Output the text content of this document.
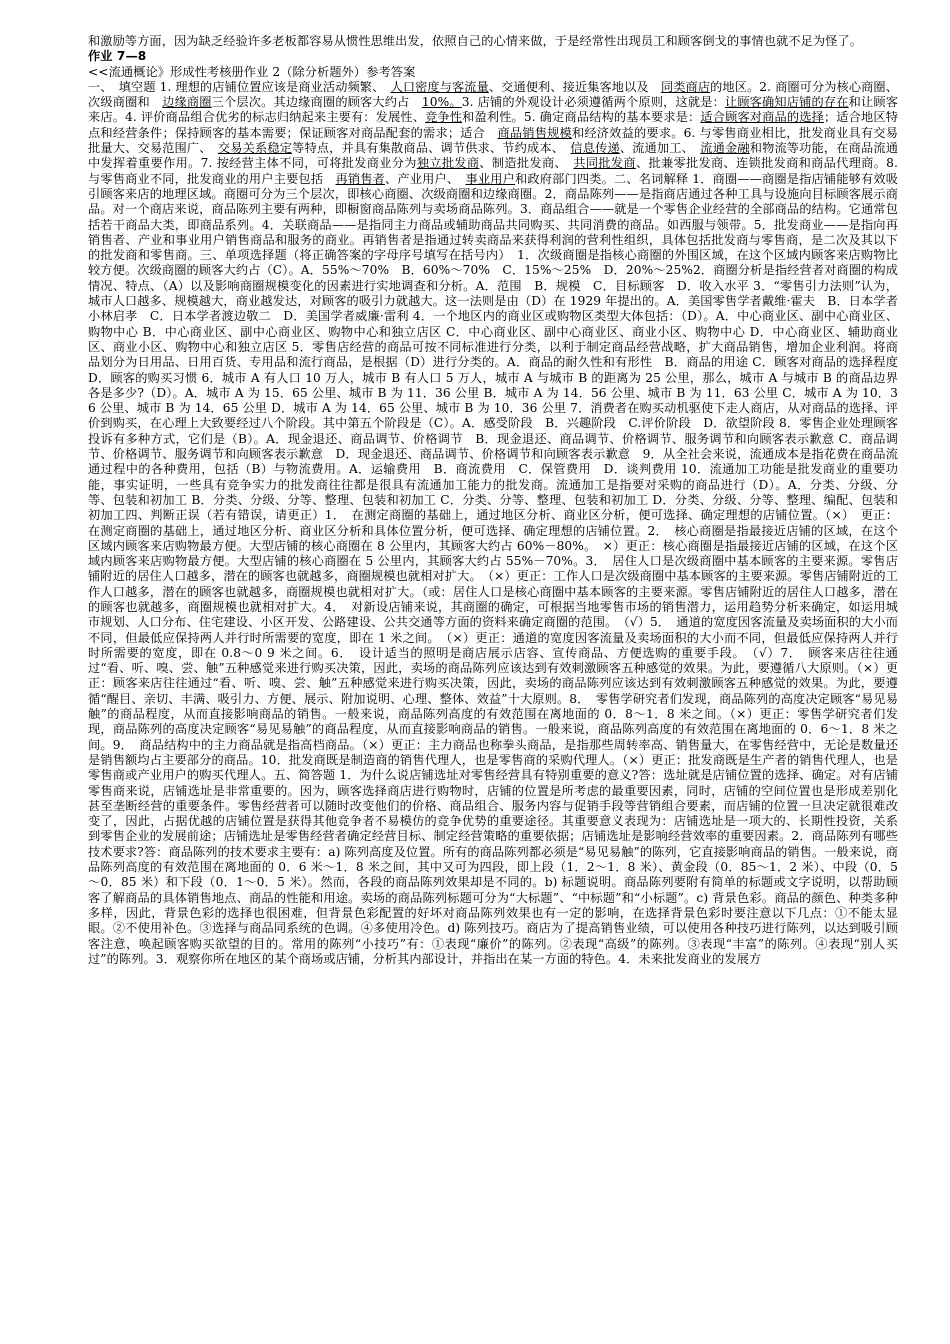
和激励等方面，因为缺乏经验许多老板都容易从惯性思维出发，依照自己的心情来做，于是经常性出现员工和顾客倒戈的事情也就不足为怪了。

作业 7—8

<<流通概论》形成性考核册作业 2（除分析题外）参考答案

一、　填空题 1. 理想的店铺位置应该是商业活动频繁、　人口密度与客流量、交通便利、接近集客地以及　同类商店的地区。2. 商圈可分为核心商圈、次级商圈和　边缘商圈三个层次。其边缘商圈的顾客大约占　10%。3. 店铺的外观设计必须遵循两个原则，这就是：让顾客确知店铺的存在和让顾客来店。4. 评价商品组合优劣的标志归纳起来主要有：发展性、竞争性和盈利性。5. 确定商品结构的基本要求是：适合顾客对商品的选择；适合地区特点和经营条件；保持顾客的基本需要；保证顾客对商品配套的需求；适合　商品销售规模和经济效益的要求。6. 与零售商业相比，批发商业具有交易批量大、交易范围广、　交易关系稳定等特点，并具有集散商品、调节供求、节约成本、　信息传递、流通加工、　流通金融和物流等功能，在商品流通中发挥着重要作用。7. 按经营主体不同，可将批发商业分为独立批发商、制造批发商、　共同批发商、批兼零批发商、连锁批发商和商品代理商。8. 与零售商业不同，批发商业的用户主要包括　再销售者、产业用户、　事业用户和政府部门四类。二、名词解释 1．商圈——商圈是指店铺能够有效吸引顾客来店的地理区域。商圈可分为三个层次，即核心商圈、次级商圈和边缘商圈。2．商品陈列——是指商店通过各种工具与设施向目标顾客展示商品。对一个商店来说，商品陈列主要有两种，即橱窗商品陈列与卖场商品陈列。3．商品组合——就是一个零售企业经营的全部商品的结构。它通常包括若干商品大类，即商品系列。4．关联商品——是指同主力商品或辅助商品共同购买、共同消费的商品。如西服与领带。5．批发商业——是指向再销售者、产业和事业用户销售商品和服务的商业。再销售者是指通过转卖商品来获得利润的营利性组织，具体包括批发商与零售商，是二次及其以下的批发商和零售商。三、单项选择题（将正确答案的字母序号填写在括号内）　1．次级商圈是指核心商圈的外围区域，在这个区域内顾客来店购物比较方便。次级商圈的顾客大约占（C）。A．55%～70%　B．60%～70%　C．15%～25%　D．20%～25%2．商圈分析是指经营者对商圈的构成情况、特点、（A）以及影响商圈规模变化的因素进行实地调查和分析。A．范围　B．规模　C．目标顾客　D．收入水平 3．“零售引力法则”认为，城市人口越多、规模越大，商业越发达，对顾客的吸引力就越大。这一法则是由（D）在 1929 年提出的。A．美国零售学者戴维·霍夫　B．日本学者小林启孝　C．日本学者渡边敬二　D．美国学者威廉·雷利 4．一个地区内的商业区或购物区类型大体包括：（D）。A．中心商业区、副中心商业区、购物中心 B．中心商业区、副中心商业区、购物中心和独立店区 C．中心商业区、副中心商业区、商业小区、购物中心 D．中心商业区、辅助商业区、商业小区、购物中心和独立店区 5．零售店经营的商品可按不同标准进行分类，以利于制定商品经营战略，扩大商品销售，增加企业利润。将商品划分为日用品、日用百货、专用品和流行商品，是根据（D）进行分类的。A．商品的耐久性和有形性　B．商品的用途 C．顾客对商品的选择程度　D．顾客的购买习惯 6．城市 A 有人口 10 万人，城市 B 有人口 5 万人，城市 A 与城市 B 的距离为 25 公里，那么，城市 A 与城市 B 的商品边界各是多少?（D）。A．城市 A 为 15．65 公里、城市 B 为 11．36 公里 B．城市 A 为 14．56 公里、城市 B 为 11．63 公里 C．城市 A 为 10．36 公里、城市 B 为 14．65 公里 D．城市 A 为 14．65 公里、城市 B 为 10．36 公里 7．消费者在购买动机驱使下走人商店，从对商品的选择、评价到购买，在心理上大致要经过八个阶段。其中第五个阶段是（C）。A．感受阶段　B．兴趣阶段　C.评价阶段　D．欲望阶段 8．零售企业处理顾客投诉有多种方式，它们是（B）。A．现金退还、商品调节、价格调节　B．现金退还、商品调节、价格调节、服务调节和向顾客表示歉意 C．商品调节、价格调节、服务调节和向顾客表示歉意　D．现金退还、商品调节、价格调节和向顾客表示歉意　9．从全社会来说，流通成本是指花费在商品流通过程中的各种费用，包括（B）与物流费用。A．运输费用　B．商流费用　C．保管费用　D．谈判费用 10．流通加工功能是批发商业的重要功能，事实证明，一些具有竞争实力的批发商往往都是很具有流通加工能力的批发商。流通加工是指要对采购的商品进行（D）。A．分类、分级、分等、包装和初加工 B．分类、分级、分等、整理、包装和初加工 C．分类、分等、整理、包装和初加工 D．分类、分级、分等、整理、编配、包装和初加工四、判断正误（若有错误，请更正）1．　在测定商圈的基础上，通过地区分析、商业区分析，便可选择、确定理想的店铺位置。（×）　更正：在测定商圈的基础上，通过地区分析、商业区分析和具体位置分析，便可选择、确定理想的店铺位置。2．　核心商圈是指最接近店铺的区域，在这个区域内顾客来店购物最方便。大型店铺的核心商圈在 8 公里内，其顾客大约占 60%－80%。　×）更正：核心商圈是指最接近店铺的区域，在这个区域内顾客来店购物最方便。大型店铺的核心商圈在 5 公里内，其顾客大约占 55%－70%。3．　居住人口是次级商圈中基本顾客的主要来源。零售店铺附近的居住人口越多，潜在的顾客也就越多，商圈规模也就相对扩大。　（×）更正：工作人口是次级商圈中基本顾客的主要来源。零售店铺附近的工作人口越多，潜在的顾客也就越多，商圈规模也就相对扩大。（或：居住人口是核心商圈中基本顾客的主要来源。零售店铺附近的居住人口越多，潜在的顾客也就越多，商圈规模也就相对扩大。4．　对新设店铺来说，其商圈的确定，可根据当地零售市场的销售潜力，运用趋势分析来确定，如运用城市规划、人口分布、住宅建设、小区开发、公路建设、公共交通等方面的资料来确定商圈的范围。　（√）5．　通道的宽度因客流量及卖场面积的大小而不同，但最低应保持两人并行时所需要的宽度，即在 1 米之间。　（×）更正：通道的宽度因客流量及卖场面积的大小而不同，但最低应保持两人并行时所需要的宽度，即在 0.8～0 9 米之间。6．　设计适当的照明是商店展示店容、宣传商品、方便选购的重要手段。　（√）7．　顾客来店往往通过“看、听、嗅、尝、触”五种感觉来进行购买决策，因此，卖场的商品陈列应该达到有效刺激顾客五种感觉的效果。为此，要遵循八大原则。（×）更正：顾客来店往往通过“看、听、嗅、尝、触”五种感觉来进行购买决策，因此，卖场的商品陈列应该达到有效刺激顾客五种感觉的效果。为此，要遵循“醒目、亲切、丰满、吸引力、方便、展示、附加说明、心理、整体、效益”十大原则。8．　零售学研究者们发现，商品陈列的高度决定顾客“易见易触”的商品程度，从而直接影响商品的销售。一般来说，商品陈列高度的有效范围在离地面的 0．8～1．8 米之间。（×）更正：零售学研究者们发现，商品陈列的高度决定顾客“易见易触”的商品程度，从而直接影响商品的销售。一般来说，商品陈列高度的有效范围在离地面的 0．6～1．8 米之间。9．　商品结构中的主力商品就是指高档商品。（×）更正：主力商品也称拳头商品，是指那些周转率高、销售量大，在零售经营中，无论是数量还是销售额均占主要部分的商品。10．批发商既是制造商的销售代理人，也是零售商的采购代理人。（×）更正：批发商既是生产者的销售代理人，也是零售商或产业用户的购买代理人。五、简答题 1．为什么说店铺选址对零售经营具有特别重要的意义?答：选址就是店铺位置的选择、确定。对有店铺零售商来说，店铺选址是非常重要的。因为，顾客选择商店进行购物时，店铺的位置是所考虑的最重要因素，同时，店铺的空间位置也是形成差别化甚至垄断经营的重要条件。零售经营者可以随时改变他们的价格、商品组合、服务内容与促销手段等营销组合要素，而店铺的位置一旦决定就很难改变了，因此，占据优越的店铺位置是获得其他竞争者不易模仿的竞争优势的重要途径。其重要意义表现为：店铺选址是一项大的、长期性投资，关系到零售企业的发展前途；店铺选址是零售经营者确定经营目标、制定经营策略的重要依据；店铺选址是影响经营效率的重要因素。2．商品陈列有哪些技术要求?答：商品陈列的技术要求主要有：a) 陈列高度及位置。所有的商品陈列都必须是“易见易触”的陈列，它直接影响商品的销售。一般来说，商品陈列高度的有效范围在离地面的 0．6 米～1．8 米之间，其中又可为四段，即上段（1．2～1．8 米）、黄金段（0．85～1．2 米）、中段（0．5～0．85 米）和下段（0．1～0．5 米）。然而，各段的商品陈列效果却是不同的。b) 标题说明。商品陈列要附有简单的标题或文字说明，以帮助顾客了解商品的具体销售地点、商品的性能和用途。卖场的商品陈列标题可分为“大标题”、“中标题”和“小标题”。c) 背景色彩。商品的颜色、种类多种多样，因此，背景色彩的选择也很困难，但背景色彩配置的好坏对商品陈列效果也有一定的影响，在选择背景色彩时要注意以下几点：①不能太显眼。②不使用补色。③选择与商品同系统的色调。④多使用冷色。d) 陈列技巧。商店为了提高销售业绩，可以使用各种技巧进行陈列，以达到吸引顾客注意，唤起顾客购买欲望的目的。常用的陈列“小技巧”有：①表现“廉价”的陈列。②表现“高级”的陈列。③表现“丰富”的陈列。④表现“别人买过”的陈列。3．观察你所在地区的某个商场或店铺，分析其内部设计，并指出在某一方面的特色。4．未来批发商业的发展方
